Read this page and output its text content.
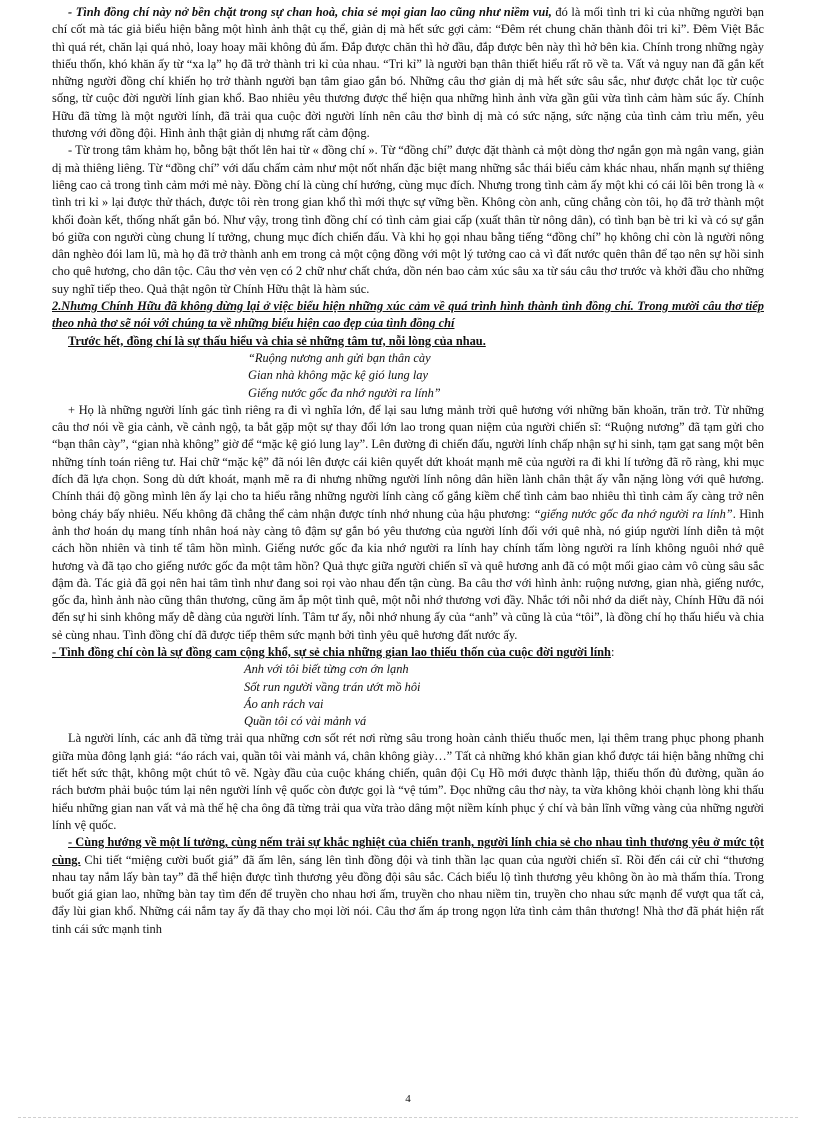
- Tình đồng chí này nở bền chặt trong sự chan hoà, chia sẻ mọi gian lao cũng như niềm vui, đó là mối tình tri kỉ của những người bạn chí cốt mà tác giả biểu hiện bằng một hình ảnh thật cụ thể, giản dị mà hết sức gợi cảm: “Đêm rét chung chăn thành đôi tri kỉ”. Đêm Việt Bắc thì quá rét, chăn lại quá nhỏ, loay hoay mãi không đủ ấm. Đắp được chăn thì hở đầu, đắp được bên này thì hở bên kia. Chính trong những ngày thiếu thốn, khó khăn ấy từ “xa lạ” họ đã trở thành tri kỉ của nhau. “Tri kỉ” là người bạn thân thiết hiểu rất rõ về ta. Vất vả nguy nan đã gắn kết những người đồng chí khiến họ trở thành người bạn tâm giao gắn bó. Những câu thơ giản dị mà hết sức sâu sắc, như được chắt lọc từ cuộc sống, từ cuộc đời người lính gian khổ. Bao nhiêu yêu thương được thể hiện qua những hình ảnh vừa gần gũi vừa tình cảm hàm súc ấy. Chính Hữu đã từng là một người lính, đã trải qua cuộc đời người lính nên câu thơ bình dị mà có sức nặng, sức nặng của tình cảm trìu mến, yêu thương với đồng đội. Hình ảnh thật giản dị nhưng rất cảm động.

- Từ trong tâm khảm họ, bỗng bật thốt lên hai từ « đồng chí ». Từ “đồng chí” được đặt thành cả một dòng thơ ngắn gọn mà ngân vang, giản dị mà thiêng liêng. Từ “đồng chí” với dấu chấm cảm như một nốt nhấn đặc biệt mang những sắc thái biểu cảm khác nhau, nhấn mạnh sự thiêng liêng cao cả trong tình cảm mới mẻ này. Đồng chí là cùng chí hướng, cùng mục đích. Nhưng trong tình cảm ấy một khi có cái lõi bên trong là « tình tri kỉ » lại được thử thách, được tôi rèn trong gian khổ thì mới thực sự vững bền. Không còn anh, cũng chẳng còn tôi, họ đã trở thành một khối đoàn kết, thống nhất gắn bó. Như vậy, trong tình đồng chí có tình cảm giai cấp (xuất thân từ nông dân), có tình bạn bè tri kỉ và có sự gắn bó giữa con người cùng chung lí tưởng, chung mục đích chiến đấu. Và khi họ gọi nhau bằng tiếng “đồng chí” họ không chỉ còn là người nông dân nghèo đói lam lũ, mà họ đã trở thành anh em trong cả một cộng đồng với một lý tưởng cao cả vì đất nước quên thân để tạo nên sự hồi sinh cho quê hương, cho dân tộc. Câu thơ vẻn vẹn có 2 chữ như chất chứa, dồn nén bao cảm xúc sâu xa từ sáu câu thơ trước và khởi đầu cho những suy nghĩ tiếp theo. Quả thật ngôn từ Chính Hữu thật là hàm súc.

2.Nhưng Chính Hữu đã không dừng lại ở việc biểu hiện những xúc cảm về quá trình hình thành tình đồng chí. Trong mười câu thơ tiếp theo nhà thơ sẽ nói với chúng ta về những biểu hiện cao đẹp của tình đồng chí

Trước hết, đồng chí là sự thấu hiểu và chia sẻ những tâm tư, nỗi lòng của nhau.

“Ruộng nương anh gửi bạn thân cày
Gian nhà không mặc kệ gió lung lay
Giếng nước gốc đa nhớ người ra lính”

+ Họ là những người lính gác tình riêng ra đi vì nghĩa lớn, để lại sau lưng mảnh trời quê hương với những băn khoăn, trăn trở. Từ những câu thơ nói về gia cảnh, về cảnh ngộ, ta bắt gặp một sự thay đổi lớn lao trong quan niệm của người chiến sĩ: “Ruộng nương” đã tạm gửi cho “bạn thân cày”, “gian nhà không” giờ để “mặc kệ gió lung lay”. Lên đường đi chiến đấu, người lính chấp nhận sự hi sinh, tạm gạt sang một bên những tính toán riêng tư. Hai chữ “mặc kệ” đã nói lên được cái kiên quyết dứt khoát mạnh mẽ của người ra đi khi lí tưởng đã rõ ràng, khi mục đích đã lựa chọn. Song dù dứt khoát, mạnh mẽ ra đi nhưng những người lính nông dân hiền lành chân thật ấy vẫn nặng lòng với quê hương. Chính thái độ gồng mình lên ấy lại cho ta hiểu rằng những người lính càng cố gắng kiềm chế tình cảm bao nhiêu thì tình cảm ấy càng trở nên bỏng cháy bấy nhiêu. Nếu không đã chẳng thể cảm nhận được tính nhớ nhung của hậu phương: “giếng nước gốc đa nhớ người ra lính”. Hình ảnh thơ hoán dụ mang tính nhân hoá này càng tô đậm sự gắn bó yêu thương của người lính đối với quê nhà, nó giúp người lính diễn tả một cách hồn nhiên và tinh tế tâm hồn mình. Giếng nước gốc đa kia nhớ người ra lính hay chính tấm lòng người ra lính không nguôi nhớ quê hương và đã tạo cho giếng nước gốc đa một tâm hồn? Quả thực giữa người chiến sĩ và quê hương anh đã có một mối giao cảm vô cùng sâu sắc đậm đà. Tác giả đã gọi nên hai tâm tình như đang soi rọi vào nhau đến tận cùng. Ba câu thơ với hình ảnh: ruộng nương, gian nhà, giếng nước, gốc đa, hình ảnh nào cũng thân thương, cũng ăm ắp một tình quê, một nỗi nhớ thương vơi đầy. Nhắc tới nỗi nhớ da diết này, Chính Hữu đã nói đến sự hi sinh không mấy dễ dàng của người lính. Tâm tư ấy, nỗi nhớ nhung ấy của “anh” và cũng là của “tôi”, là đồng chí họ thấu hiểu và chia sẻ cùng nhau. Tình đồng chí đã được tiếp thêm sức mạnh bởi tình yêu quê hương đất nước ấy.

- Tình đồng chí còn là sự đồng cam cộng khổ, sự sẻ chia những gian lao thiếu thốn của cuộc đời người lính:

Anh với tôi biết từng cơn ớn lạnh
Sốt run người vầng trán ướt mồ hôi
Áo anh rách vai
Quần tôi có vài mảnh vá

Là người lính, các anh đã từng trải qua những cơn sốt rét nơi rừng sâu trong hoàn cảnh thiếu thuốc men, lại thêm trang phục phong phanh giữa mùa đông lạnh giá: “áo rách vai, quần tôi vài mảnh vá, chân không giày…” Tất cả những khó khăn gian khổ được tái hiện bằng những chi tiết hết sức thật, không một chút tô vẽ. Ngày đầu của cuộc kháng chiến, quân đội Cụ Hồ mới được thành lập, thiếu thốn đủ đường, quần áo rách bươm phải buộc túm lại nên người lính vệ quốc còn được gọi là “vệ túm”. Đọc những câu thơ này, ta vừa không khỏi chạnh lòng khi thấu hiểu những gian nan vất vả mà thế hệ cha ông đã từng trải qua vừa trào dâng một niềm kính phục ý chí và bản lĩnh vững vàng của những người lính vệ quốc.

- Cùng hướng về một lí tưởng, cùng nếm trải sự khắc nghiệt của chiến tranh, người lính chia sẻ cho nhau tình thương yêu ở mức tột cùng. Chi tiết “miệng cười buốt giá” đã ấm lên, sáng lên tình đồng đội và tinh thần lạc quan của người chiến sĩ. Rồi đến cái cử chỉ “thương nhau tay nắm lấy bàn tay” đã thể hiện được tình thương yêu đồng đội sâu sắc. Cách biểu lộ tình thương yêu không ồn ào mà thấm thía. Trong buốt giá gian lao, những bàn tay tìm đến để truyền cho nhau hơi ấm, truyền cho nhau niềm tin, truyền cho nhau sức mạnh để vượt qua tất cả, đẩy lùi gian khổ. Những cái nắm tay ấy đã thay cho mọi lời nói. Câu thơ ấm áp trong ngọn lửa tình cảm thân thương! Nhà thơ đã phát hiện rất tinh cái sức mạnh tinh

4
